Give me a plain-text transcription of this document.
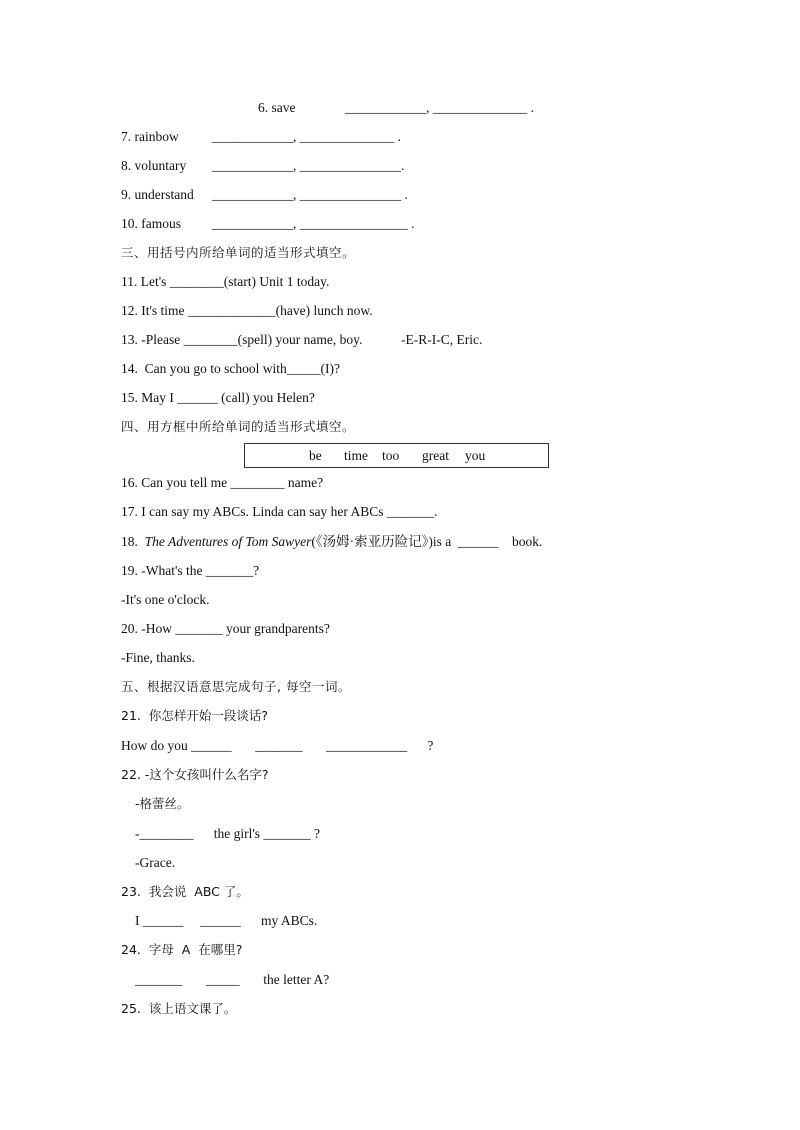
6. save	____________, ______________ .
7. rainbow ____________, ______________ .
8. voluntary ____________, _______________.
9. understand ____________, _______________ .
10. famous ____________, ________________ .
三、用括号内所给单词的适当形式填空。
11. Let's ________(start) Unit 1 today.
12. It's time _____________(have) lunch now.
13. -Please ________(spell) your name, boy.	-E-R-I-C, Eric.
14.  Can you go to school with_____(I)?
15. May I ______ (call) you Helen?
四、用方框中所给单词的适当形式填空。
be time too great you
16. Can you tell me ________ name?
17. I can say my ABCs. Linda can say her ABCs _______.
18.  The Adventures of Tom Sawyer(《汤姆·索亚历险记》)is a  ______    book.
19. -What's the _______?
-It's one o'clock.
20. -How _______ your grandparents?
-Fine, thanks.
五、根据汉语意思完成句子, 每空一词。
21.  你怎样开始一段谈话?
How do you ______       _______       ____________      ?
22. -这个女孩叫什么名字?
-格蕾丝。
-________      the girl's _______ ?
-Grace.
23.  我会说  ABC 了。
I ______     ______      my ABCs.
24.  字母  A  在哪里?
_______       _____       the letter A?
25.  该上语文课了。
